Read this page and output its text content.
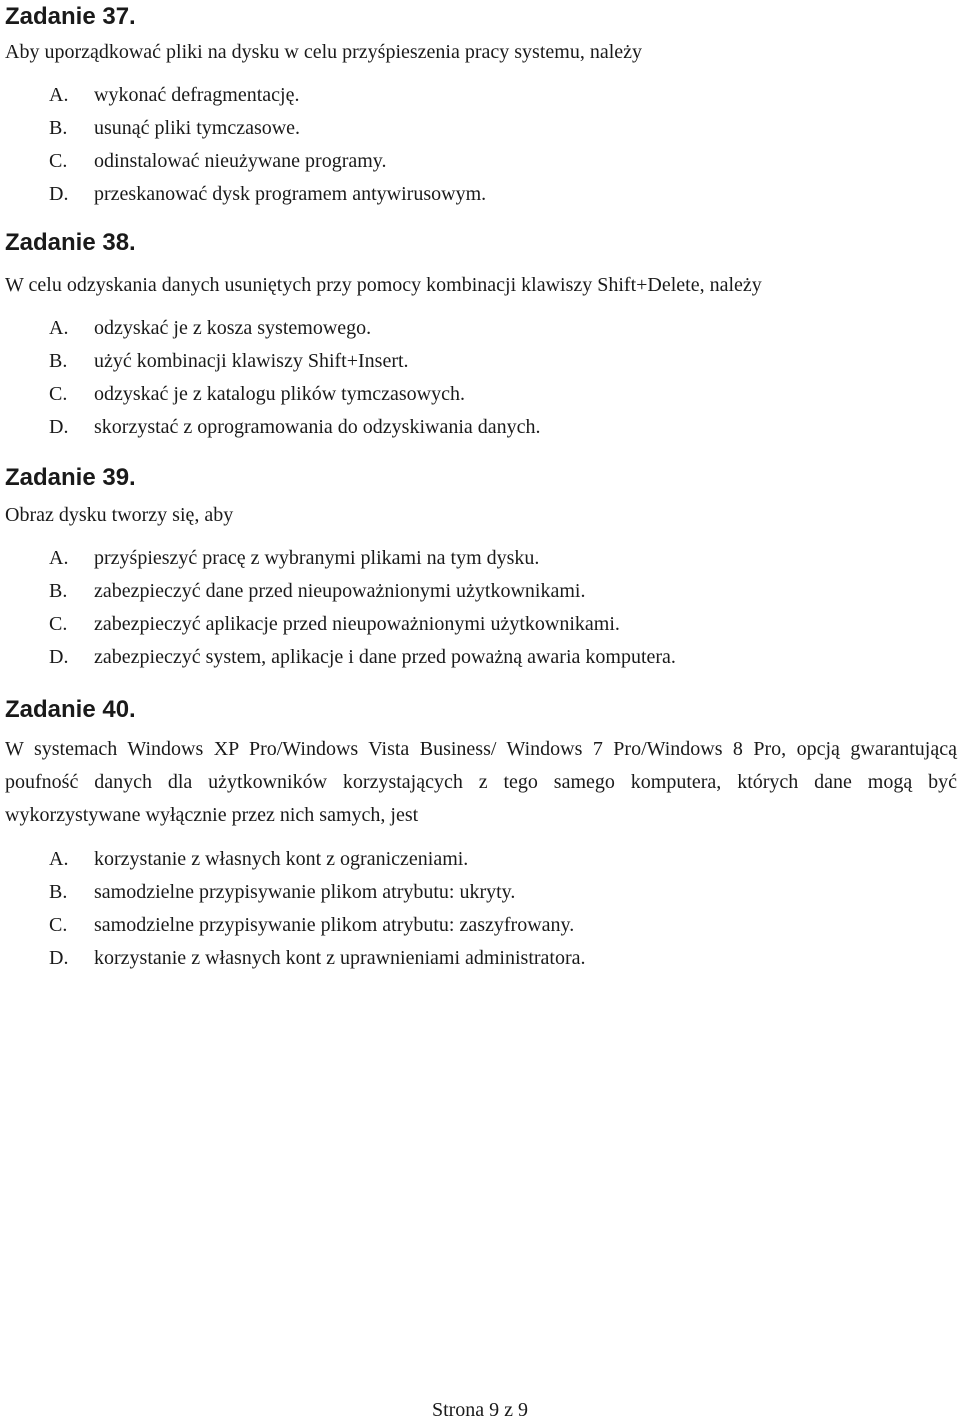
Zadanie 37.

Aby uporządkować pliki na dysku w celu przyśpieszenia pracy systemu, należy

A.	wykonać defragmentację.
B.	usunąć pliki tymczasowe.
C.	odinstalować nieużywane programy.
D.	przeskanować dysk programem antywirusowym.
Zadanie 38.

W celu odzyskania danych usuniętych przy pomocy kombinacji klawiszy Shift+Delete, należy

A.	odzyskać je z kosza systemowego.
B.	użyć kombinacji klawiszy Shift+Insert.
C.	odzyskać je z katalogu plików tymczasowych.
D.	skorzystać z oprogramowania do odzyskiwania danych.
Zadanie 39.

Obraz dysku tworzy się, aby

A.	przyśpieszyć pracę z wybranymi plikami na tym dysku.
B.	zabezpieczyć dane przed nieupoważnionymi użytkownikami.
C.	zabezpieczyć aplikacje przed nieupoważnionymi użytkownikami.
D.	zabezpieczyć system, aplikacje i dane przed poważną awaria komputera.
Zadanie 40.

W systemach Windows XP Pro/Windows Vista Business/ Windows 7 Pro/Windows 8 Pro, opcją gwarantującą poufność danych dla użytkowników korzystających z tego samego komputera, których dane mogą być wykorzystywane wyłącznie przez nich samych, jest

A.	korzystanie z własnych kont z ograniczeniami.
B.	samodzielne przypisywanie plikom atrybutu: ukryty.
C.	samodzielne przypisywanie plikom atrybutu: zaszyfrowany.
D.	korzystanie z własnych kont z uprawnieniami administratora.
Strona 9 z 9
